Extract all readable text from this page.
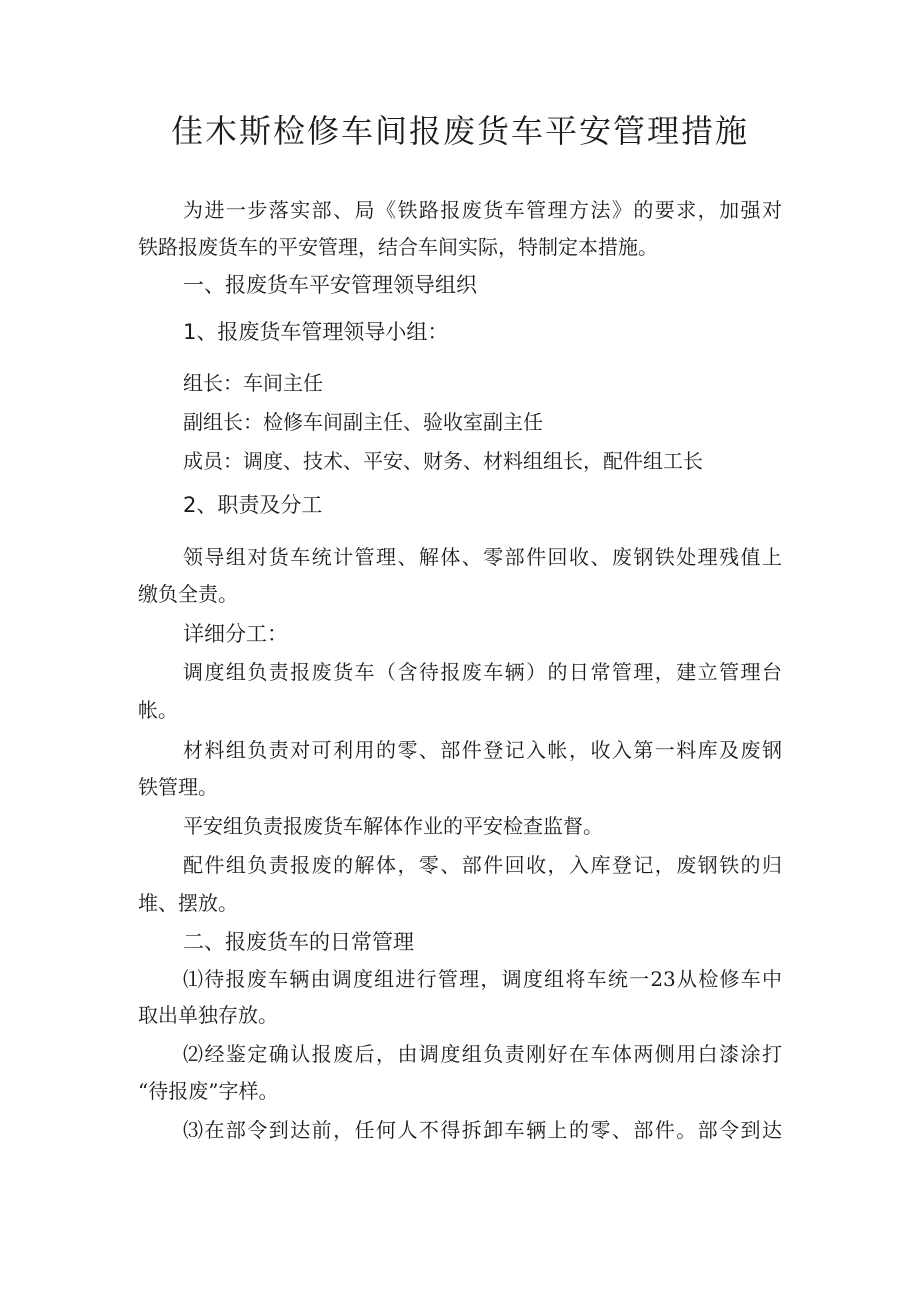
佳木斯检修车间报废货车平安管理措施
为进一步落实部、局《铁路报废货车管理方法》的要求，加强对
铁路报废货车的平安管理，结合车间实际，特制定本措施。
一、报废货车平安管理领导组织
1、报废货车管理领导小组：
组长：车间主任
副组长：检修车间副主任、验收室副主任
成员：调度、技术、平安、财务、材料组组长，配件组工长
2、职责及分工
领导组对货车统计管理、解体、零部件回收、废钢铁处理残值上
缴负全责。
详细分工：
调度组负责报废货车（含待报废车辆）的日常管理，建立管理台
帐。
材料组负责对可利用的零、部件登记入帐，收入第一料库及废钢
铁管理。
平安组负责报废货车解体作业的平安检查监督。
配件组负责报废的解体，零、部件回收，入库登记，废钢铁的归
堆、摆放。
二、报废货车的日常管理
⑴待报废车辆由调度组进行管理，调度组将车统一23从检修车中
取出单独存放。
⑵经鉴定确认报废后，由调度组负责刚好在车体两侧用白漆涂打
“待报废”字样。
⑶在部令到达前，任何人不得拆卸车辆上的零、部件。部令到达
